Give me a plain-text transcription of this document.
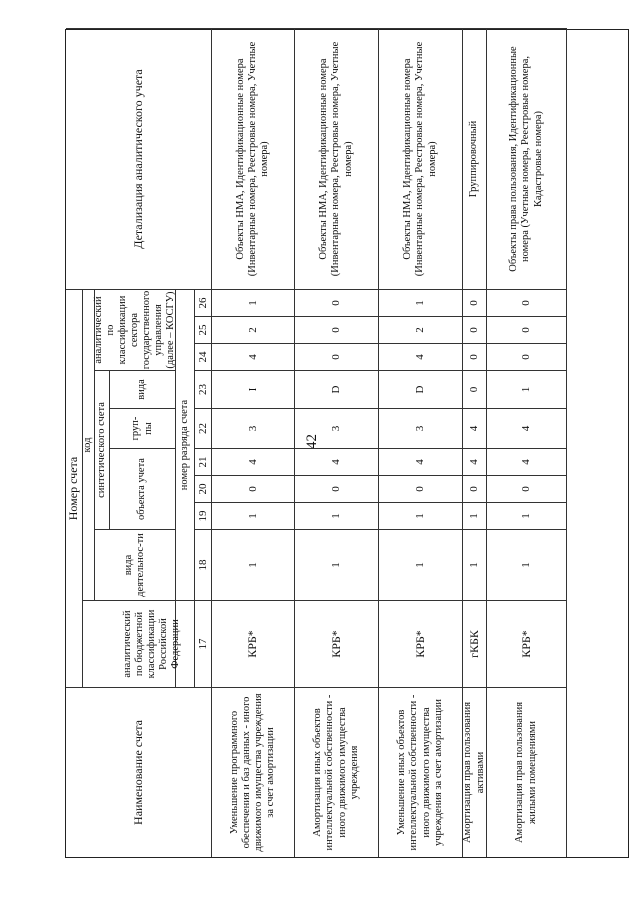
42
Наименование счета
Номер счета
Детализация аналитического учета
код
вида деятельнос-ти
синтетического счета
аналитический по классификации сектора государственного управления (далее – КОСГУ)
объекта учета
груп-пы
вида
аналитический по бюджетной классификации Российской Федерации
номер разряда счета
17
18
19
20
21
22
23
24
25
26
Уменьшение программного обеспечения и баз данных - иного движимого имущества учреждения за счет амортизации
КРБ*
1
1
0
4
3
I
4
2
1
Объекты НМА, Идентификационные номера (Инвентарные номера, Реестровые номера, Учетные номера)
Амортизация иных объектов интеллектуальной собственности - иного движимого имущества учреждения
КРБ*
1
1
0
4
3
D
0
0
0
Объекты НМА, Идентификационные номера (Инвентарные номера, Реестровые номера, Учетные номера)
Уменьшение иных объектов интеллектуальной собственности - иного движимого имущества учреждения за счет амортизации
КРБ*
1
1
0
4
3
D
4
2
1
Объекты НМА, Идентификационные номера (Инвентарные номера, Реестровые номера, Учетные номера)
Амортизация прав пользования активами
гКБК
1
1
0
4
4
0
0
0
0
Группировочный
Амортизация прав пользования жилыми помещениями
КРБ*
1
1
0
4
4
1
0
0
0
Объекты права пользования, Идентификационные номера (Учетные номера, Реестровые номера, Кадастровые номера)
